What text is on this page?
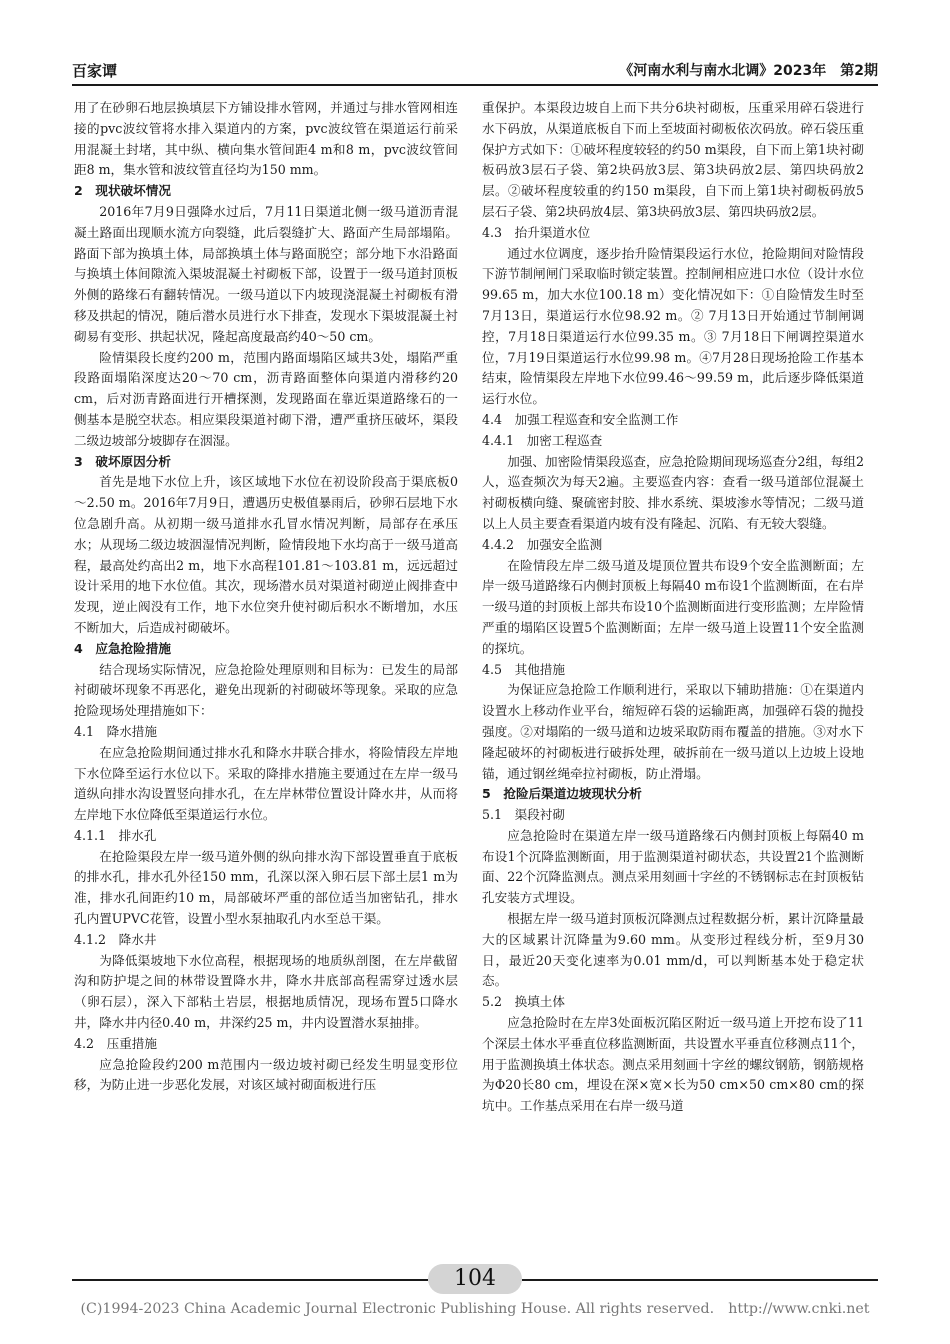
百家谭	《河南水利与南水北调》2023年　第2期

用了在砂卵石地层换填层下方铺设排水管网，并通过与排水管网相连接的pvc波纹管将水排入渠道内的方案，pvc波纹管在渠道运行前采用混凝土封堵，其中纵、横向集水管间距4 m和8 m，pvc波纹管间距8 m，集水管和波纹管直径均为150 mm。

2　现状破坏情况

2016年7月9日强降水过后，7月11日渠道北侧一级马道沥青混凝土路面出现顺水流方向裂缝，此后裂缝扩大、路面产生局部塌陷。路面下部为换填土体，局部换填土体与路面脱空；部分地下水沿路面与换填土体间隙流入渠坡混凝土衬砌板下部，设置于一级马道封顶板外侧的路缘石有翻转情况。一级马道以下内坡现浇混凝土衬砌板有滑移及拱起的情况，随后潜水员进行水下排查，发现水下渠坡混凝土衬砌易有变形、拱起状况，隆起高度最高约40～50 cm。

险情渠段长度约200 m，范围内路面塌陷区域共3处，塌陷严重段路面塌陷深度达20～70 cm，沥青路面整体向渠道内滑移约20 cm，后对沥青路面进行开槽探测，发现路面在靠近渠道路缘石的一侧基本是脱空状态。相应渠段渠道衬砌下滑，遭严重挤压破坏，渠段二级边坡部分坡脚存在洇湿。

3　破坏原因分析

首先是地下水位上升，该区域地下水位在初设阶段高于渠底板0～2.50 m。2016年7月9日，遭遇历史极值暴雨后，砂卵石层地下水位急剧升高。从初期一级马道排水孔冒水情况判断，局部存在承压水；从现场二级边坡洇湿情况判断，险情段地下水均高于一级马道高程，最高处约高出2 m，地下水高程101.81～103.81 m，远远超过设计采用的地下水位值。其次，现场潜水员对渠道衬砌逆止阀排查中发现，逆止阀没有工作，地下水位突升使衬砌后积水不断增加，水压不断加大，后造成衬砌破坏。

4　应急抢险措施

结合现场实际情况，应急抢险处理原则和目标为：已发生的局部衬砌破坏现象不再恶化，避免出现新的衬砌破坏等现象。采取的应急抢险现场处理措施如下：

4.1　降水措施

在应急抢险期间通过排水孔和降水井联合排水，将险情段左岸地下水位降至运行水位以下。采取的降排水措施主要通过在左岸一级马道纵向排水沟设置竖向排水孔，在左岸林带位置设计降水井，从而将左岸地下水位降低至渠道运行水位。

4.1.1　排水孔

在抢险渠段左岸一级马道外侧的纵向排水沟下部设置垂直于底板的排水孔，排水孔外径150 mm，孔深以深入卵石层下部土层1 m为准，排水孔间距约10 m，局部破坏严重的部位适当加密钻孔，排水孔内置UPVC花管，设置小型水泵抽取孔内水至总干渠。

4.1.2　降水井

为降低渠坡地下水位高程，根据现场的地质纵剖图，在左岸截留沟和防护堤之间的林带设置降水井，降水井底部高程需穿过透水层（卵石层），深入下部粘土岩层，根据地质情况，现场布置5口降水井，降水井内径0.40 m，井深约25 m，井内设置潜水泵抽排。

4.2　压重措施

应急抢险段约200 m范围内一级边坡衬砌已经发生明显变形位移，为防止进一步恶化发展，对该区域衬砌面板进行压

重保护。本渠段边坡自上而下共分6块衬砌板，压重采用碎石袋进行水下码放，从渠道底板自下而上至坡面衬砌板依次码放。碎石袋压重保护方式如下：①破坏程度较轻的约50 m渠段，自下而上第1块衬砌板码放3层石子袋、第2块码放3层、第3块码放2层、第四块码放2层。②破坏程度较重的约150 m渠段，自下而上第1块衬砌板码放5层石子袋、第2块码放4层、第3块码放3层、第四块码放2层。

4.3　抬升渠道水位

通过水位调度，逐步抬升险情渠段运行水位，抢险期间对险情段下游节制闸闸门采取临时锁定装置。控制闸相应进口水位（设计水位99.65 m，加大水位100.18 m）变化情况如下：①自险情发生时至7月13日，渠道运行水位98.92 m。② 7月13日开始通过节制闸调控，7月18日渠道运行水位99.35 m。③ 7月18日下闸调控渠道水位，7月19日渠道运行水位99.98 m。④7月28日现场抢险工作基本结束，险情渠段左岸地下水位99.46～99.59 m，此后逐步降低渠道运行水位。

4.4　加强工程巡查和安全监测工作
4.4.1　加密工程巡查

加强、加密险情渠段巡查，应急抢险期间现场巡查分2组，每组2人，巡查频次为每天2遍。主要巡查内容：查看一级马道部位混凝土衬砌板横向缝、聚硫密封胶、排水系统、渠坡渗水等情况；二级马道以上人员主要查看渠道内坡有没有隆起、沉陷、有无较大裂缝。

4.4.2　加强安全监测

在险情段左岸二级马道及堤顶位置共布设9个安全监测断面；左岸一级马道路缘石内侧封顶板上每隔40 m布设1个监测断面，在右岸一级马道的封顶板上部共布设10个监测断面进行变形监测；左岸险情严重的塌陷区设置5个监测断面；左岸一级马道上设置11个安全监测的探坑。

4.5　其他措施

为保证应急抢险工作顺利进行，采取以下辅助措施：①在渠道内设置水上移动作业平台，缩短碎石袋的运输距离，加强碎石袋的抛投强度。②对塌陷的一级马道和边坡采取防雨布覆盖的措施。③对水下隆起破坏的衬砌板进行破拆处理，破拆前在一级马道以上边坡上设地锚，通过钢丝绳牵拉衬砌板，防止滑塌。

5　抢险后渠道边坡现状分析
5.1　渠段衬砌

应急抢险时在渠道左岸一级马道路缘石内侧封顶板上每隔40 m布设1个沉降监测断面，用于监测渠道衬砌状态，共设置21个监测断面、22个沉降监测点。测点采用刻画十字丝的不锈钢标志在封顶板钻孔安装方式埋设。

根据左岸一级马道封顶板沉降测点过程数据分析，累计沉降量最大的区域累计沉降量为9.60 mm。从变形过程线分析，至9月30日，最近20天变化速率为0.01 mm/d，可以判断基本处于稳定状态。

5.2　换填土体

应急抢险时在左岸3处面板沉陷区附近一级马道上开挖布设了11个深层土体水平垂直位移监测断面，共设置水平垂直位移测点11个，用于监测换填土体状态。测点采用刻画十字丝的螺纹钢筋，钢筋规格为Φ20长80 cm，埋设在深×宽×长为50 cm×50 cm×80 cm的探坑中。工作基点采用在右岸一级马道

104
(C)1994-2023 China Academic Journal Electronic Publishing House. All rights reserved.　http://www.cnki.net
